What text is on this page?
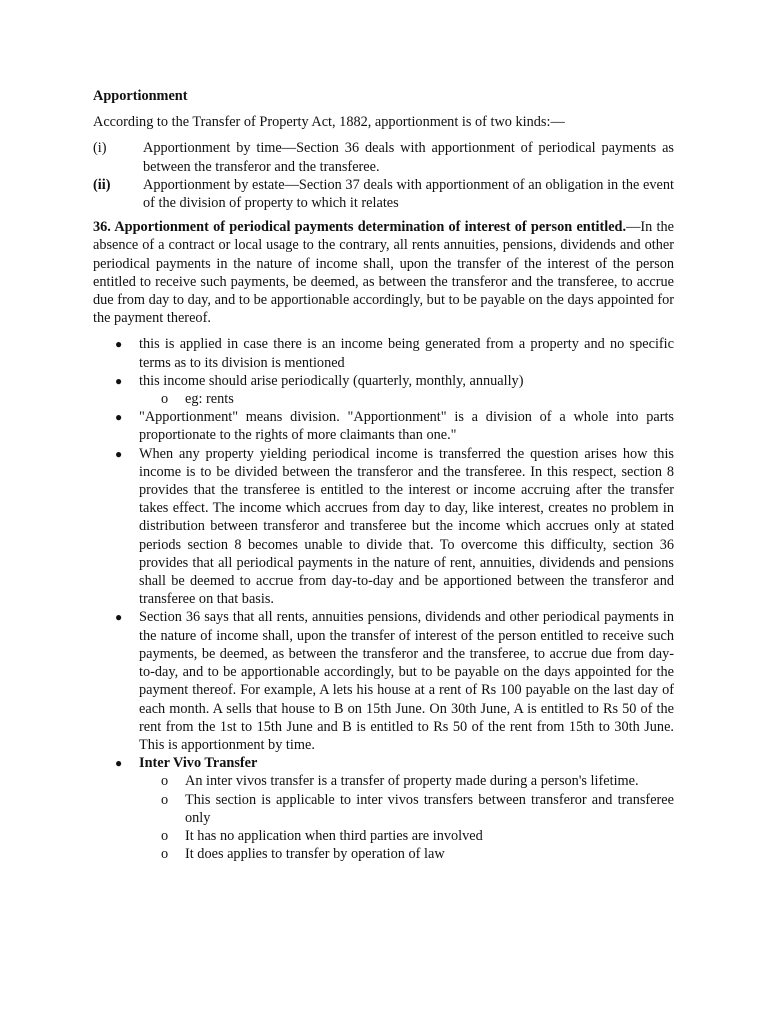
Apportionment
According to the Transfer of Property Act, 1882, apportionment is of two kinds:—
(i)	Apportionment by time—Section 36 deals with apportionment of periodical payments as between the transferor and the transferee.
(ii)	Apportionment by estate—Section 37 deals with apportionment of an obligation in the event of the division of property to which it relates
36. Apportionment of periodical payments determination of interest of person entitled.—In the absence of a contract or local usage to the contrary, all rents annuities, pensions, dividends and other periodical payments in the nature of income shall, upon the transfer of the interest of the person entitled to receive such payments, be deemed, as between the transferor and the transferee, to accrue due from day to day, and to be apportionable accordingly, but to be payable on the days appointed for the payment thereof.
● this is applied in case there is an income being generated from a property and no specific terms as to its division is mentioned
● this income should arise periodically (quarterly, monthly, annually)
o eg: rents
● "Apportionment" means division. "Apportionment" is a division of a whole into parts proportionate to the rights of more claimants than one."
● When any property yielding periodical income is transferred the question arises how this income is to be divided between the transferor and the transferee. In this respect, section 8 provides that the transferee is entitled to the interest or income accruing after the transfer takes effect. The income which accrues from day to day, like interest, creates no problem in distribution between transferor and transferee but the income which accrues only at stated periods section 8 becomes unable to divide that. To overcome this difficulty, section 36 provides that all periodical payments in the nature of rent, annuities, dividends and pensions shall be deemed to accrue from day-to-day and be apportioned between the transferor and transferee on that basis.
● Section 36 says that all rents, annuities pensions, dividends and other periodical payments in the nature of income shall, upon the transfer of interest of the person entitled to receive such payments, be deemed, as between the transferor and the transferee, to accrue due from day-to-day, and to be apportionable accordingly, but to be payable on the days appointed for the payment thereof. For example, A lets his house at a rent of Rs 100 payable on the last day of each month. A sells that house to B on 15th June. On 30th June, A is entitled to Rs 50 of the rent from the 1st to 15th June and B is entitled to Rs 50 of the rent from 15th to 30th June. This is apportionment by time.
● Inter Vivo Transfer
o An inter vivos transfer is a transfer of property made during a person's lifetime.
o This section is applicable to inter vivos transfers between transferor and transferee only
o It has no application when third parties are involved
o It does applies to transfer by operation of law
